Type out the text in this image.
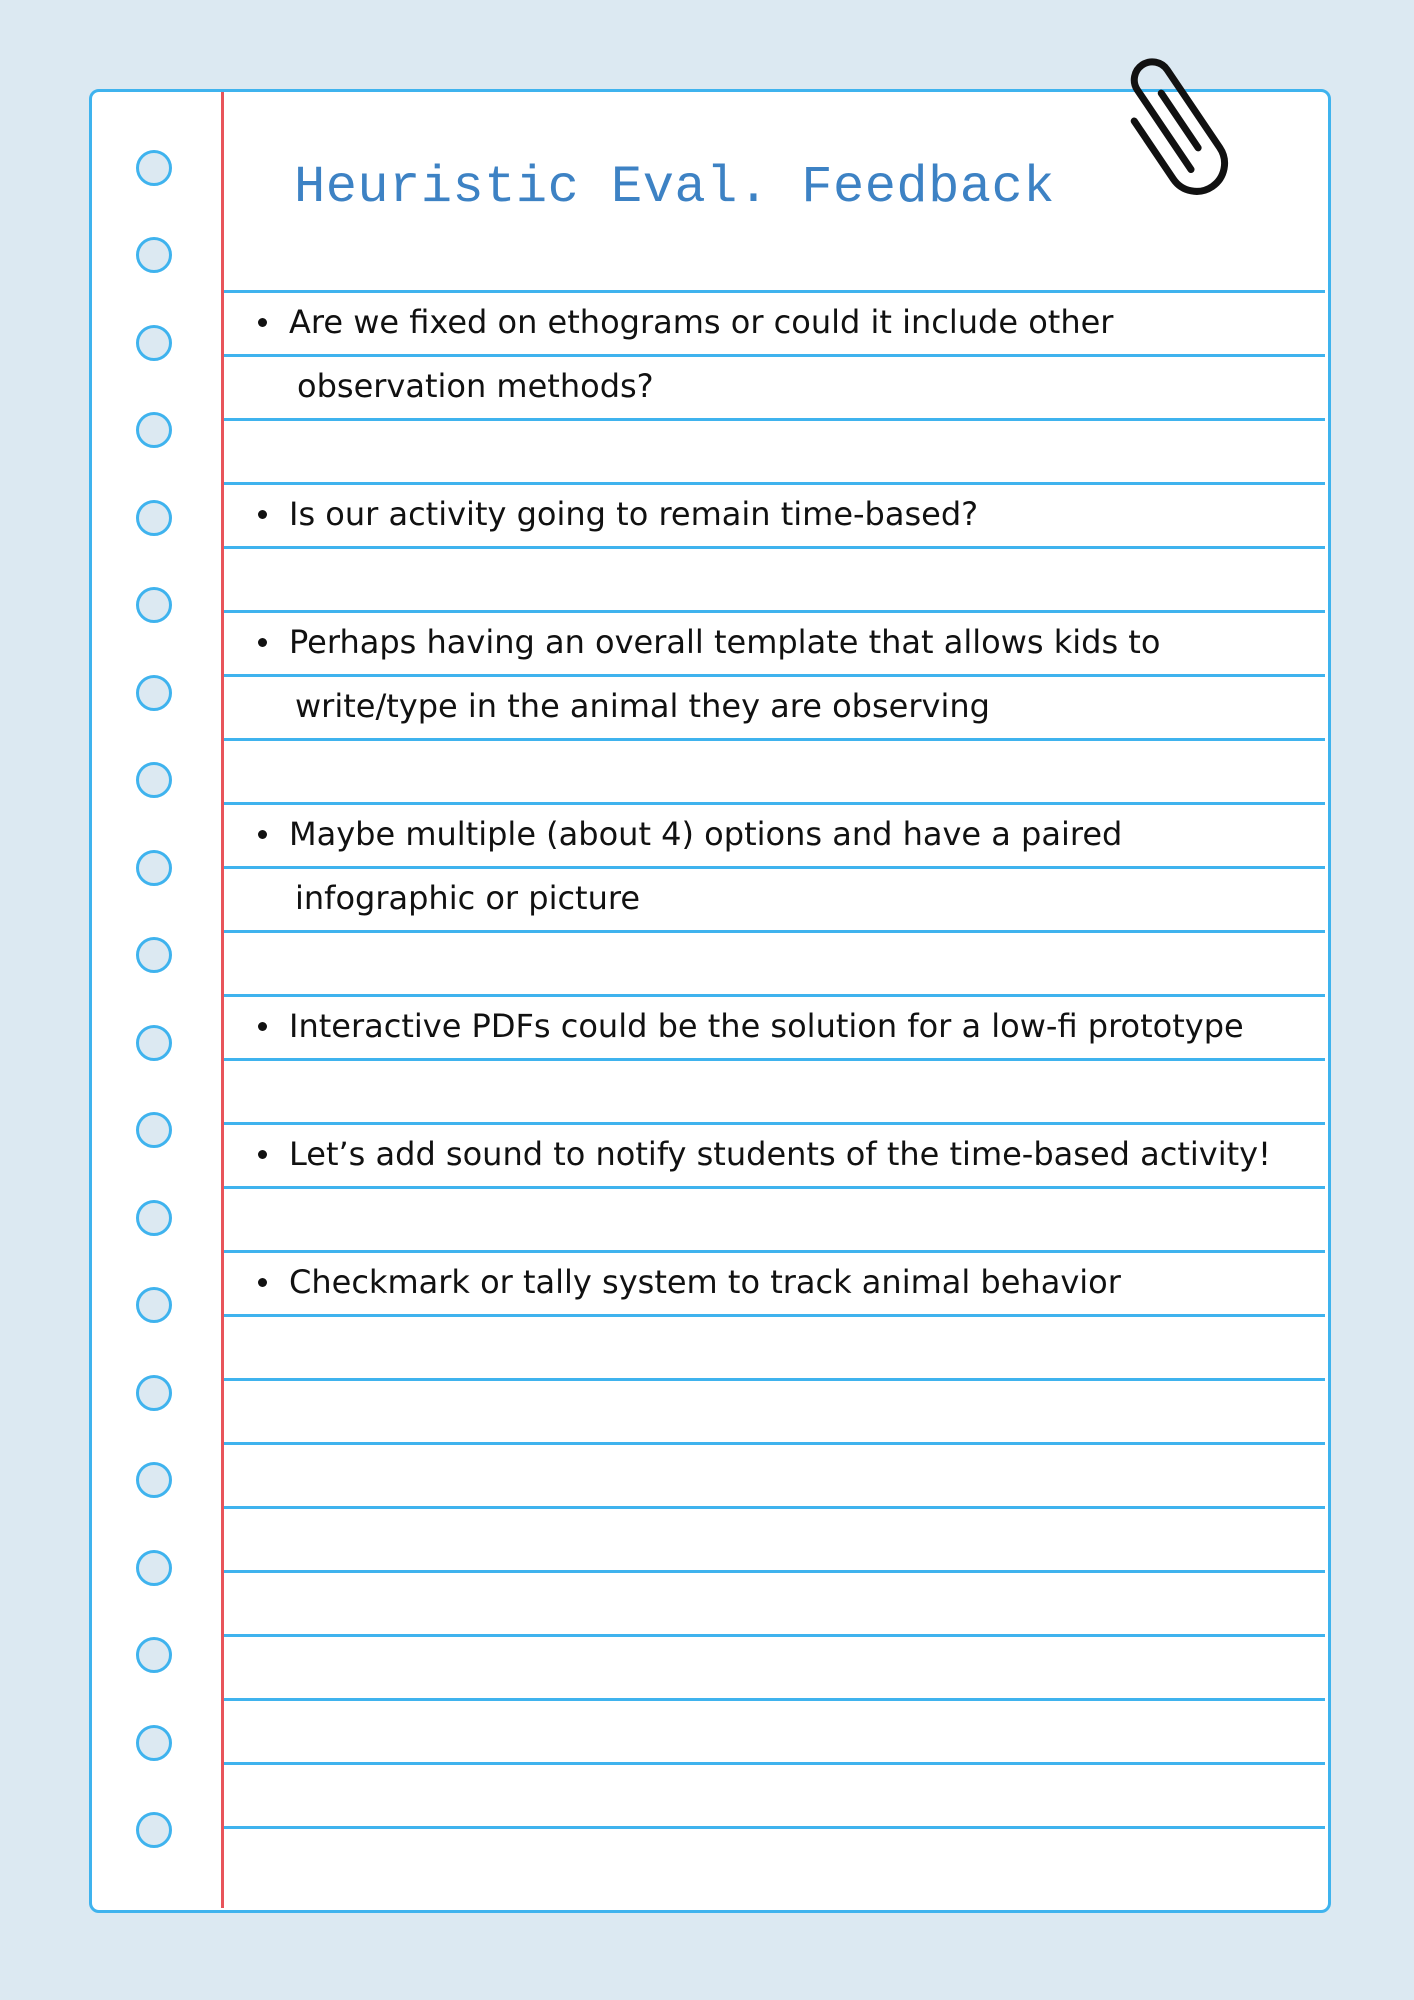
Heuristic Eval. Feedback
Are we fixed on ethograms or could it include other
observation methods?
Is our activity going to remain time-based?
Perhaps having an overall template that allows kids to
write/type in the animal they are observing
Maybe multiple (about 4) options and have a paired
infographic or picture
Interactive PDFs could be the solution for a low-fi prototype
Let’s add sound to notify students of the time-based activity!
Checkmark or tally system to track animal behavior
